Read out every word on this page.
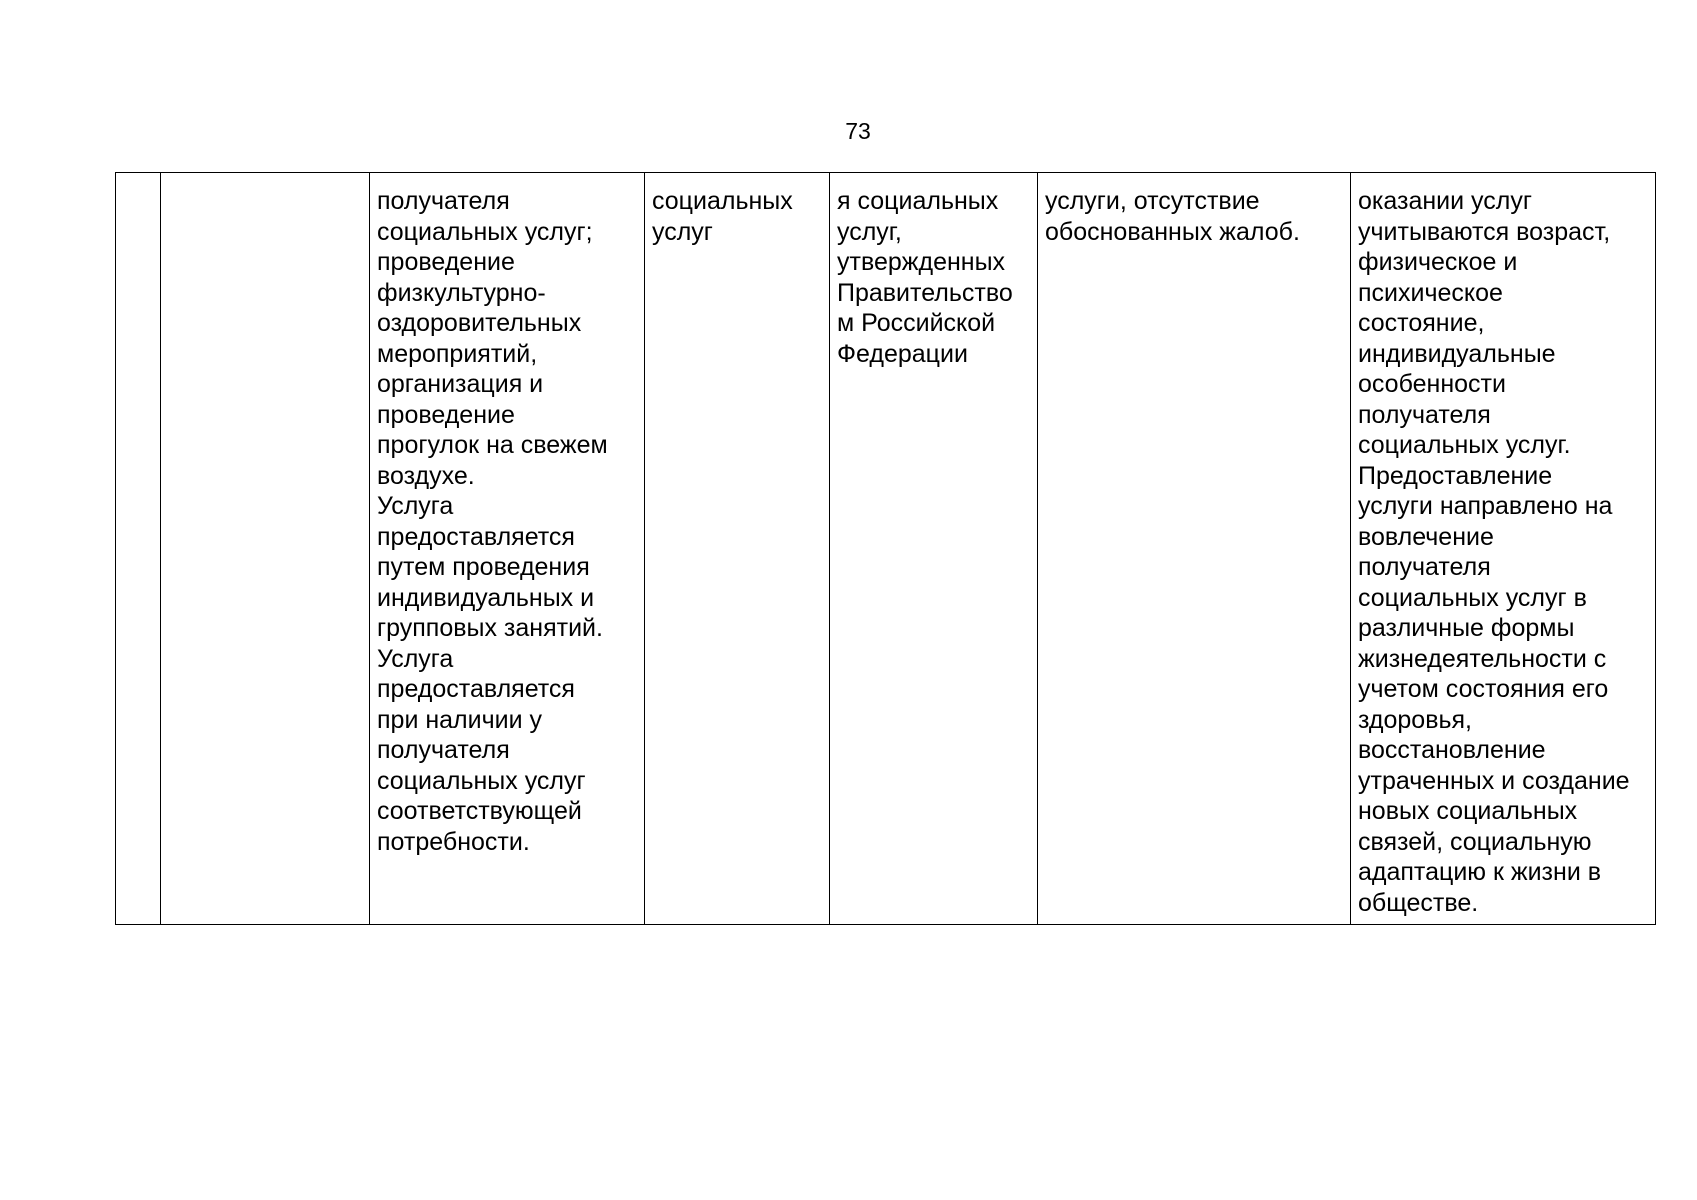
73
		получателя
социальных услуг;
проведение
физкультурно-
оздоровительных
мероприятий,
организация и
проведение
прогулок на свежем
воздухе.
Услуга
предоставляется
путем проведения
индивидуальных и
групповых занятий.
Услуга
предоставляется
при наличии у
получателя
социальных услуг
соответствующей
потребности.	социальных
услуг	я социальных
услуг,
утвержденных
Правительство
м Российской
Федерации	услуги, отсутствие
обоснованных жалоб.	оказании услуг
учитываются возраст,
физическое и
психическое
состояние,
индивидуальные
особенности
получателя
социальных услуг.
Предоставление
услуги направлено на
вовлечение
получателя
социальных услуг в
различные формы
жизнедеятельности с
учетом состояния его
здоровья,
восстановление
утраченных и создание
новых социальных
связей, социальную
адаптацию к жизни в
обществе.
